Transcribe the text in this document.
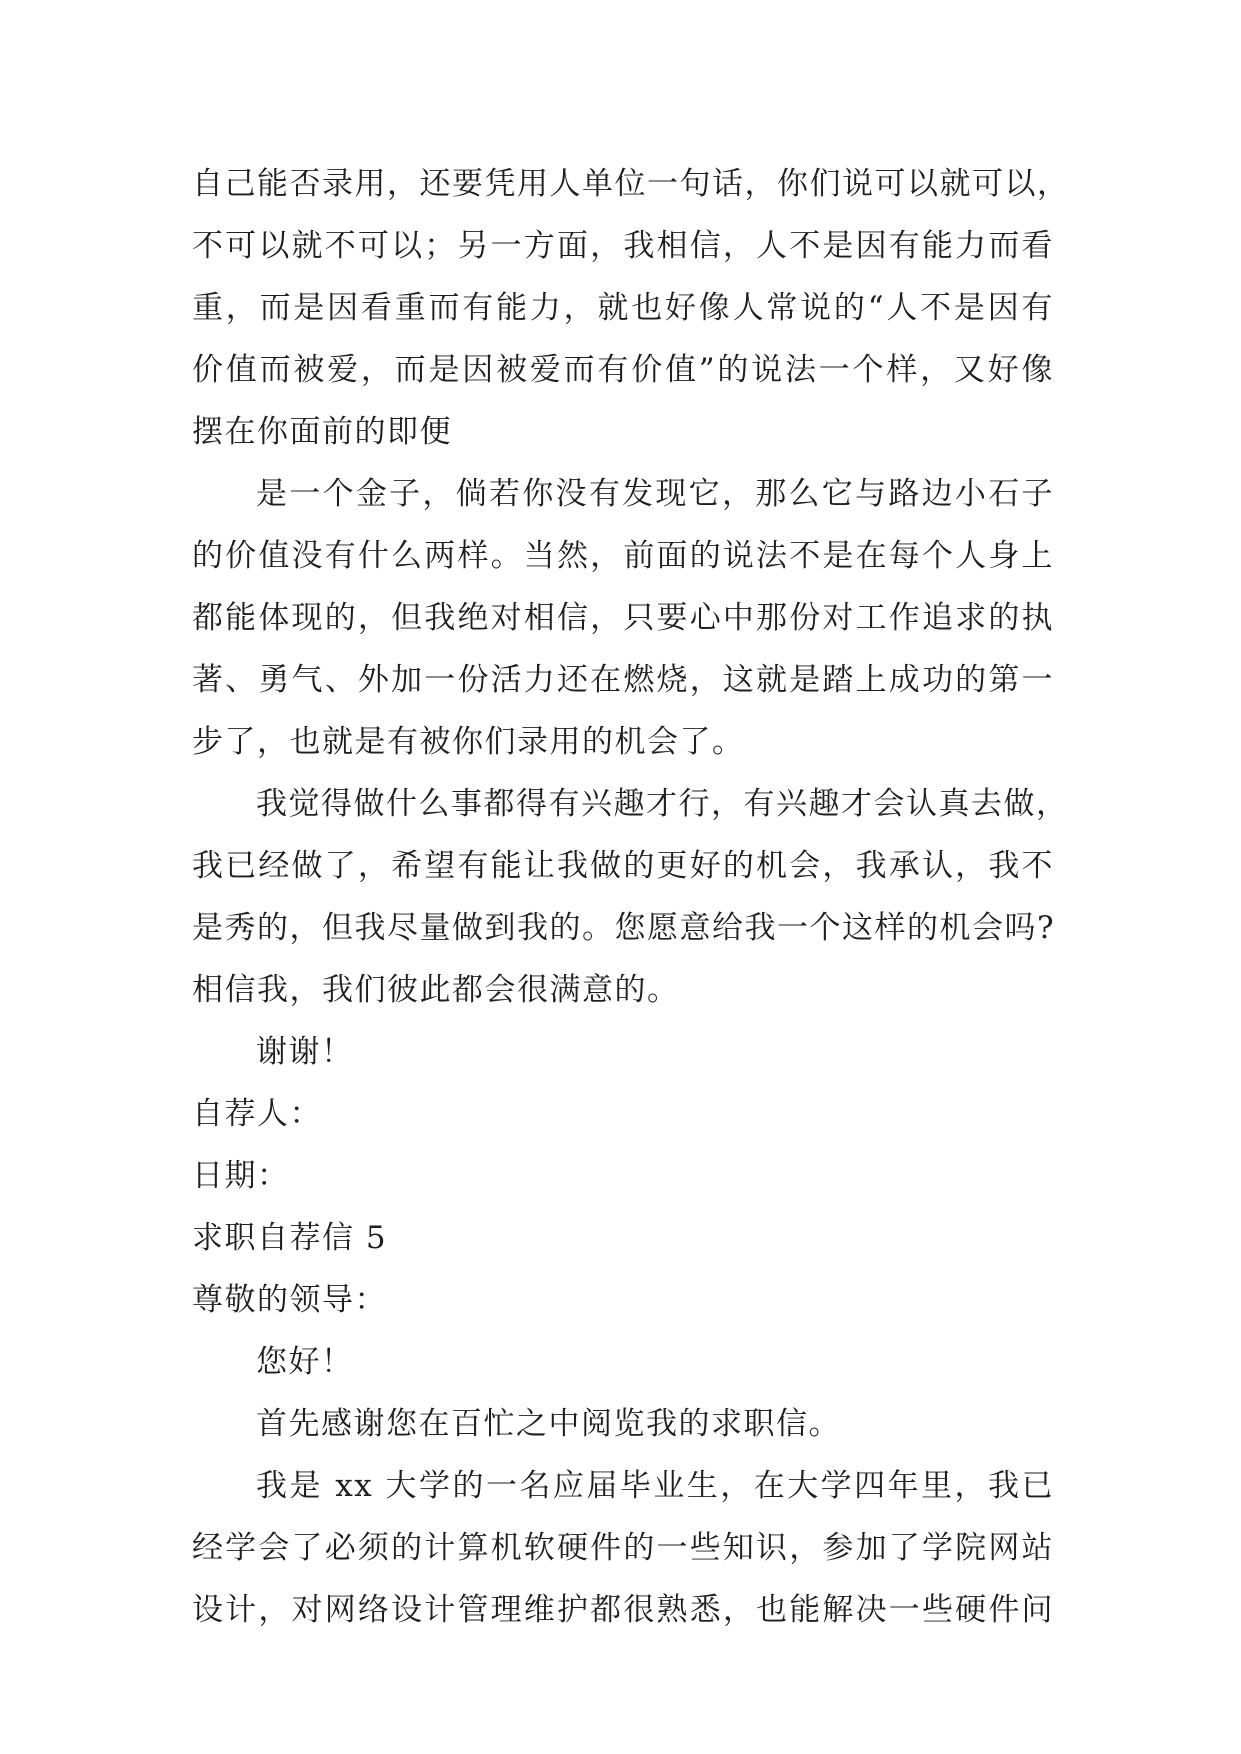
自己能否录用，还要凭用人单位一句话，你们说可以就可以，
不可以就不可以；另一方面，我相信，人不是因有能力而看
重，而是因看重而有能力，就也好像人常说的“人不是因有
价值而被爱，而是因被爱而有价值”的说法一个样，又好像
摆在你面前的即便
是一个金子，倘若你没有发现它，那么它与路边小石子
的价值没有什么两样。当然，前面的说法不是在每个人身上
都能体现的，但我绝对相信，只要心中那份对工作追求的执
著、勇气、外加一份活力还在燃烧，这就是踏上成功的第一
步了，也就是有被你们录用的机会了。
我觉得做什么事都得有兴趣才行，有兴趣才会认真去做，
我已经做了，希望有能让我做的更好的机会，我承认，我不
是秀的，但我尽量做到我的。您愿意给我一个这样的机会吗?
相信我，我们彼此都会很满意的。
谢谢！
自荐人：
日期：
求职自荐信 5
尊敬的领导：
您好！
首先感谢您在百忙之中阅览我的求职信。
我是 xx 大学的一名应届毕业生，在大学四年里，我已
经学会了必须的计算机软硬件的一些知识，参加了学院网站
设计，对网络设计管理维护都很熟悉，也能解决一些硬件问
